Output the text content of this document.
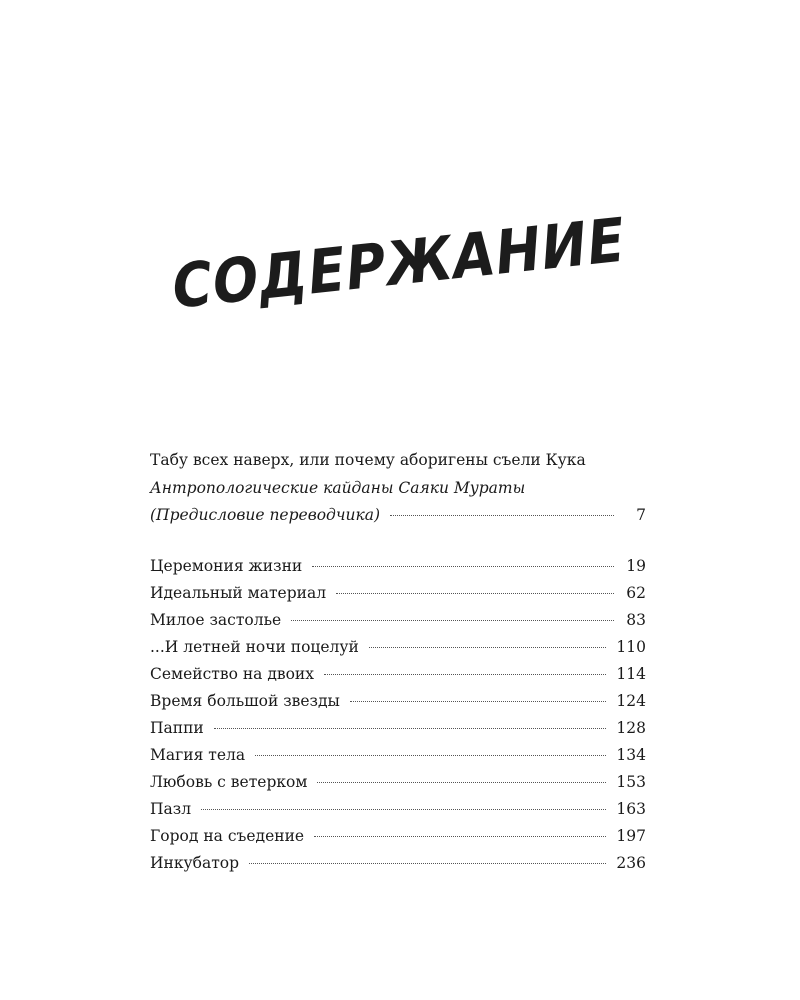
СОДЕРЖАНИЕ
Табу всех наверх, или почему аборигены съели Кука
Антропологические кайданы Саяки Мураты
(Предисловие переводчика)	7
Церемония жизни	19
Идеальный материал	62
Милое застолье	83
...И летней ночи поцелуй	110
Семейство на двоих	114
Время большой звезды	124
Паппи	128
Магия тела	134
Любовь с ветерком	153
Пазл	163
Город на съедение	197
Инкубатор	236
